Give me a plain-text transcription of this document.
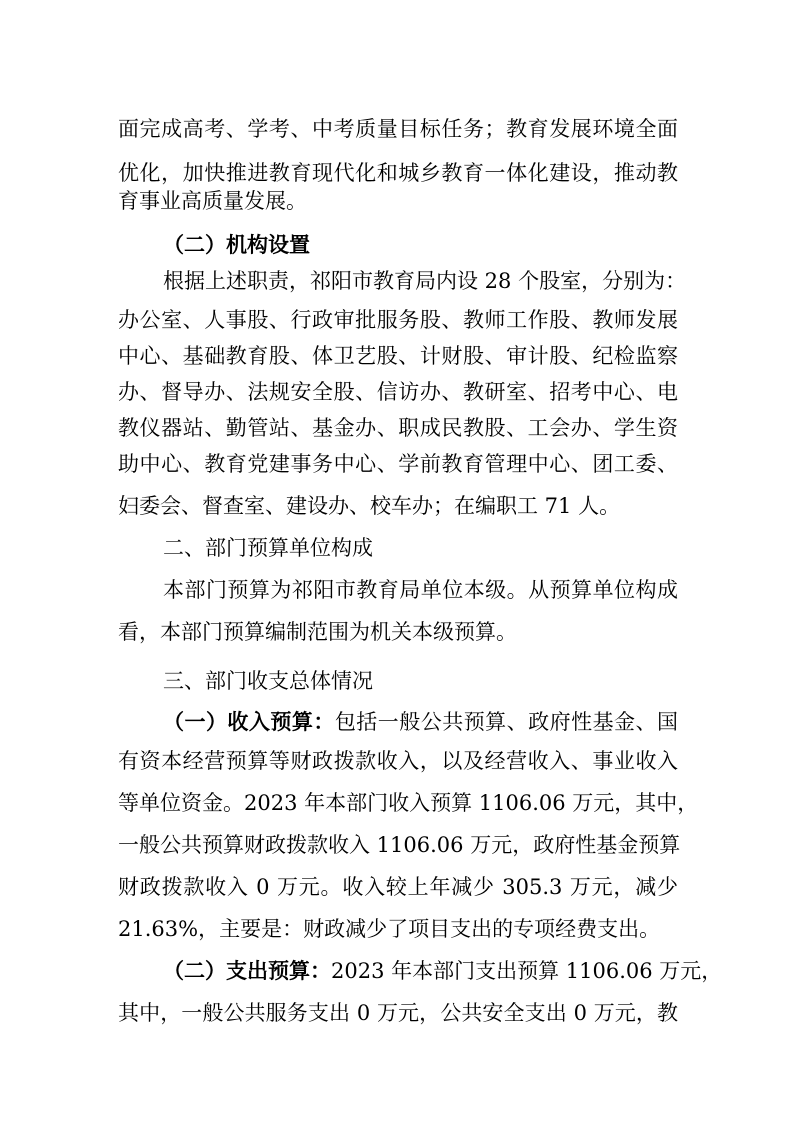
面完成高考、学考、中考质量目标任务；教育发展环境全面
优化，加快推进教育现代化和城乡教育一体化建设，推动教
育事业高质量发展。
（二）机构设置
根据上述职责，祁阳市教育局内设 28 个股室，分别为：
办公室、人事股、行政审批服务股、教师工作股、教师发展
中心、基础教育股、体卫艺股、计财股、审计股、纪检监察
办、督导办、法规安全股、信访办、教研室、招考中心、电
教仪器站、勤管站、基金办、职成民教股、工会办、学生资
助中心、教育党建事务中心、学前教育管理中心、团工委、
妇委会、督查室、建设办、校车办；在编职工 71 人。
二、部门预算单位构成
本部门预算为祁阳市教育局单位本级。从预算单位构成
看，本部门预算编制范围为机关本级预算。
三、部门收支总体情况
（一）收入预算：包括一般公共预算、政府性基金、国
有资本经营预算等财政拨款收入，以及经营收入、事业收入
等单位资金。2023 年本部门收入预算 1106.06 万元，其中，
一般公共预算财政拨款收入 1106.06 万元，政府性基金预算
财政拨款收入 0 万元。收入较上年减少 305.3 万元，减少
21.63%，主要是：财政减少了项目支出的专项经费支出。
（二）支出预算：2023 年本部门支出预算 1106.06 万元，
其中，一般公共服务支出 0 万元，公共安全支出 0 万元，教
